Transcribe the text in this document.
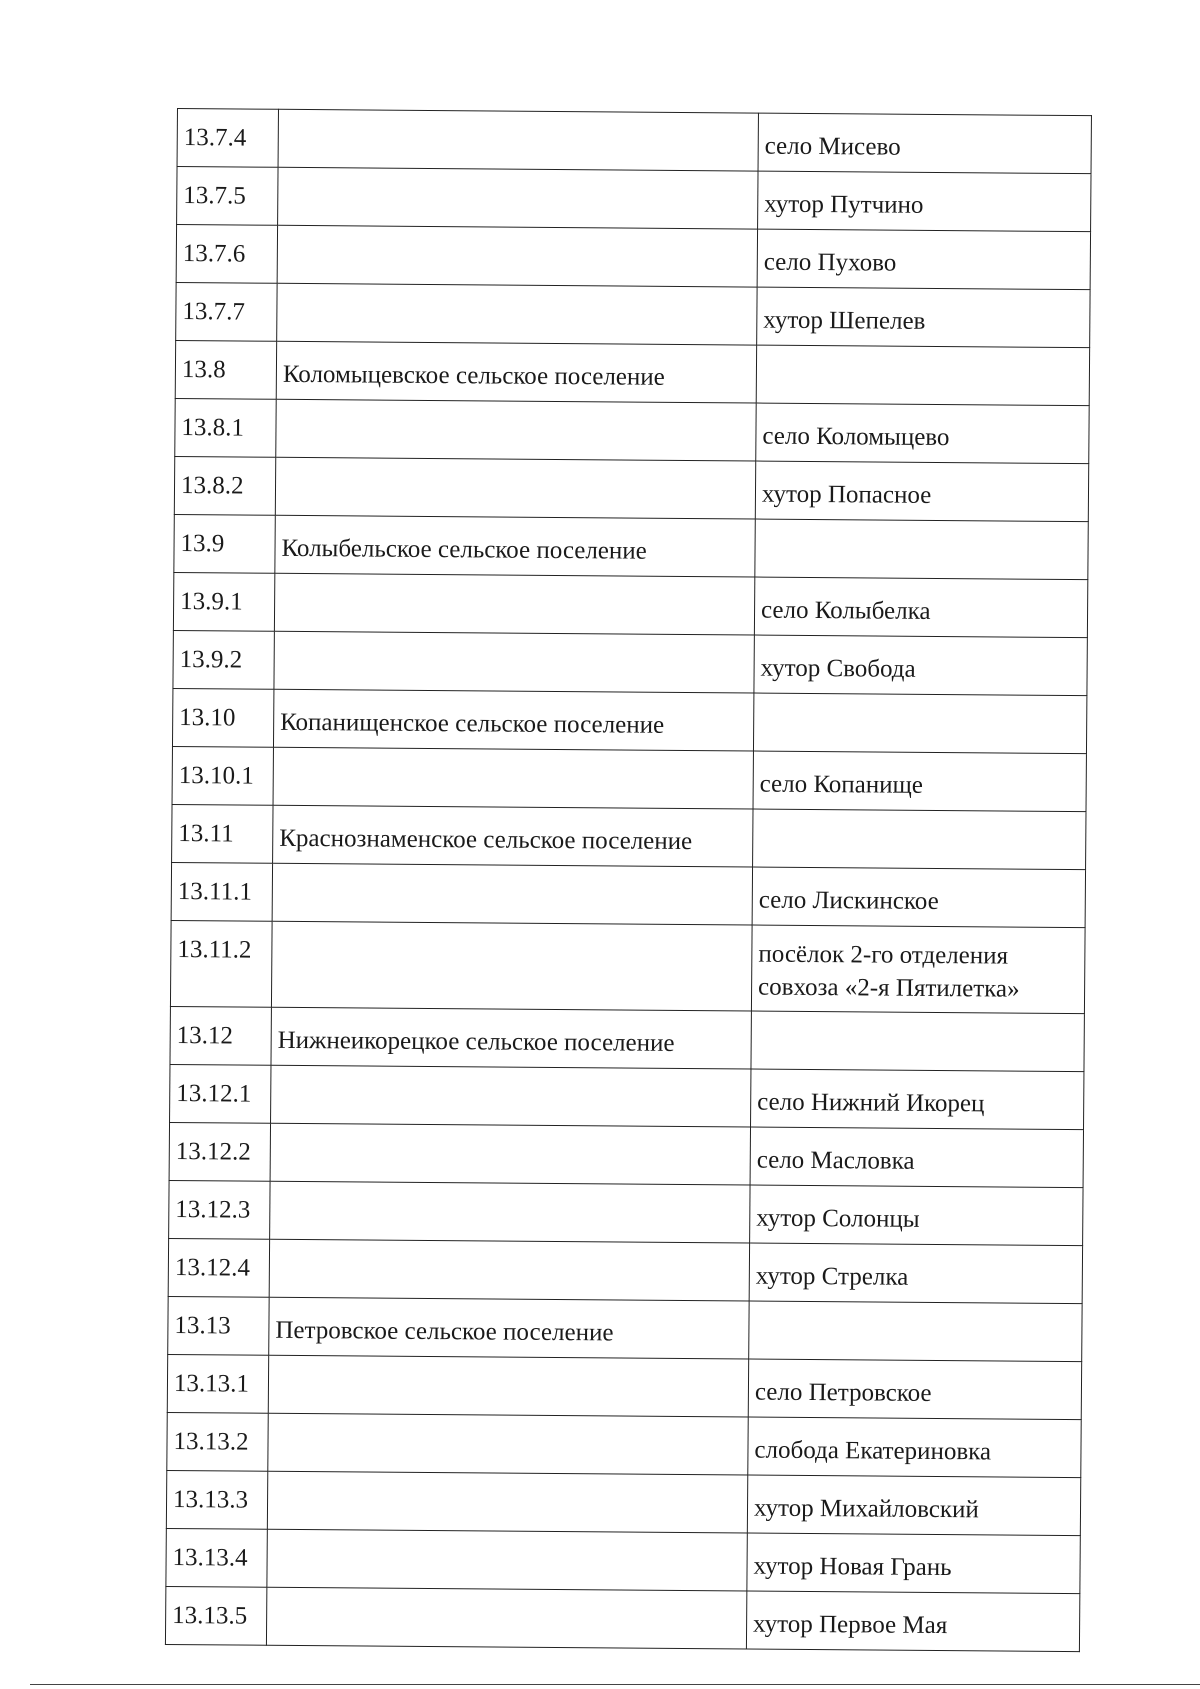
13.7.4		село Мисево
13.7.5		хутор Путчино
13.7.6		село Пухово
13.7.7		хутор Шепелев
13.8	Коломыцевское сельское поселение	
13.8.1		село Коломыцево
13.8.2		хутор Попасное
13.9	Колыбельское сельское поселение	
13.9.1		село Колыбелка
13.9.2		хутор Свобода
13.10	Копанищенское сельское поселение	
13.10.1		село Копанище
13.11	Краснознаменское сельское поселение	
13.11.1		село Лискинское
13.11.2		посёлок 2-го отделения совхоза «2-я Пятилетка»
13.12	Нижнеикорецкое сельское поселение	
13.12.1		село Нижний Икорец
13.12.2		село Масловка
13.12.3		хутор Солонцы
13.12.4		хутор Стрелка
13.13	Петровское сельское поселение	
13.13.1		село Петровское
13.13.2		слобода Екатериновка
13.13.3		хутор Михайловский
13.13.4		хутор Новая Грань
13.13.5		хутор Первое Мая
